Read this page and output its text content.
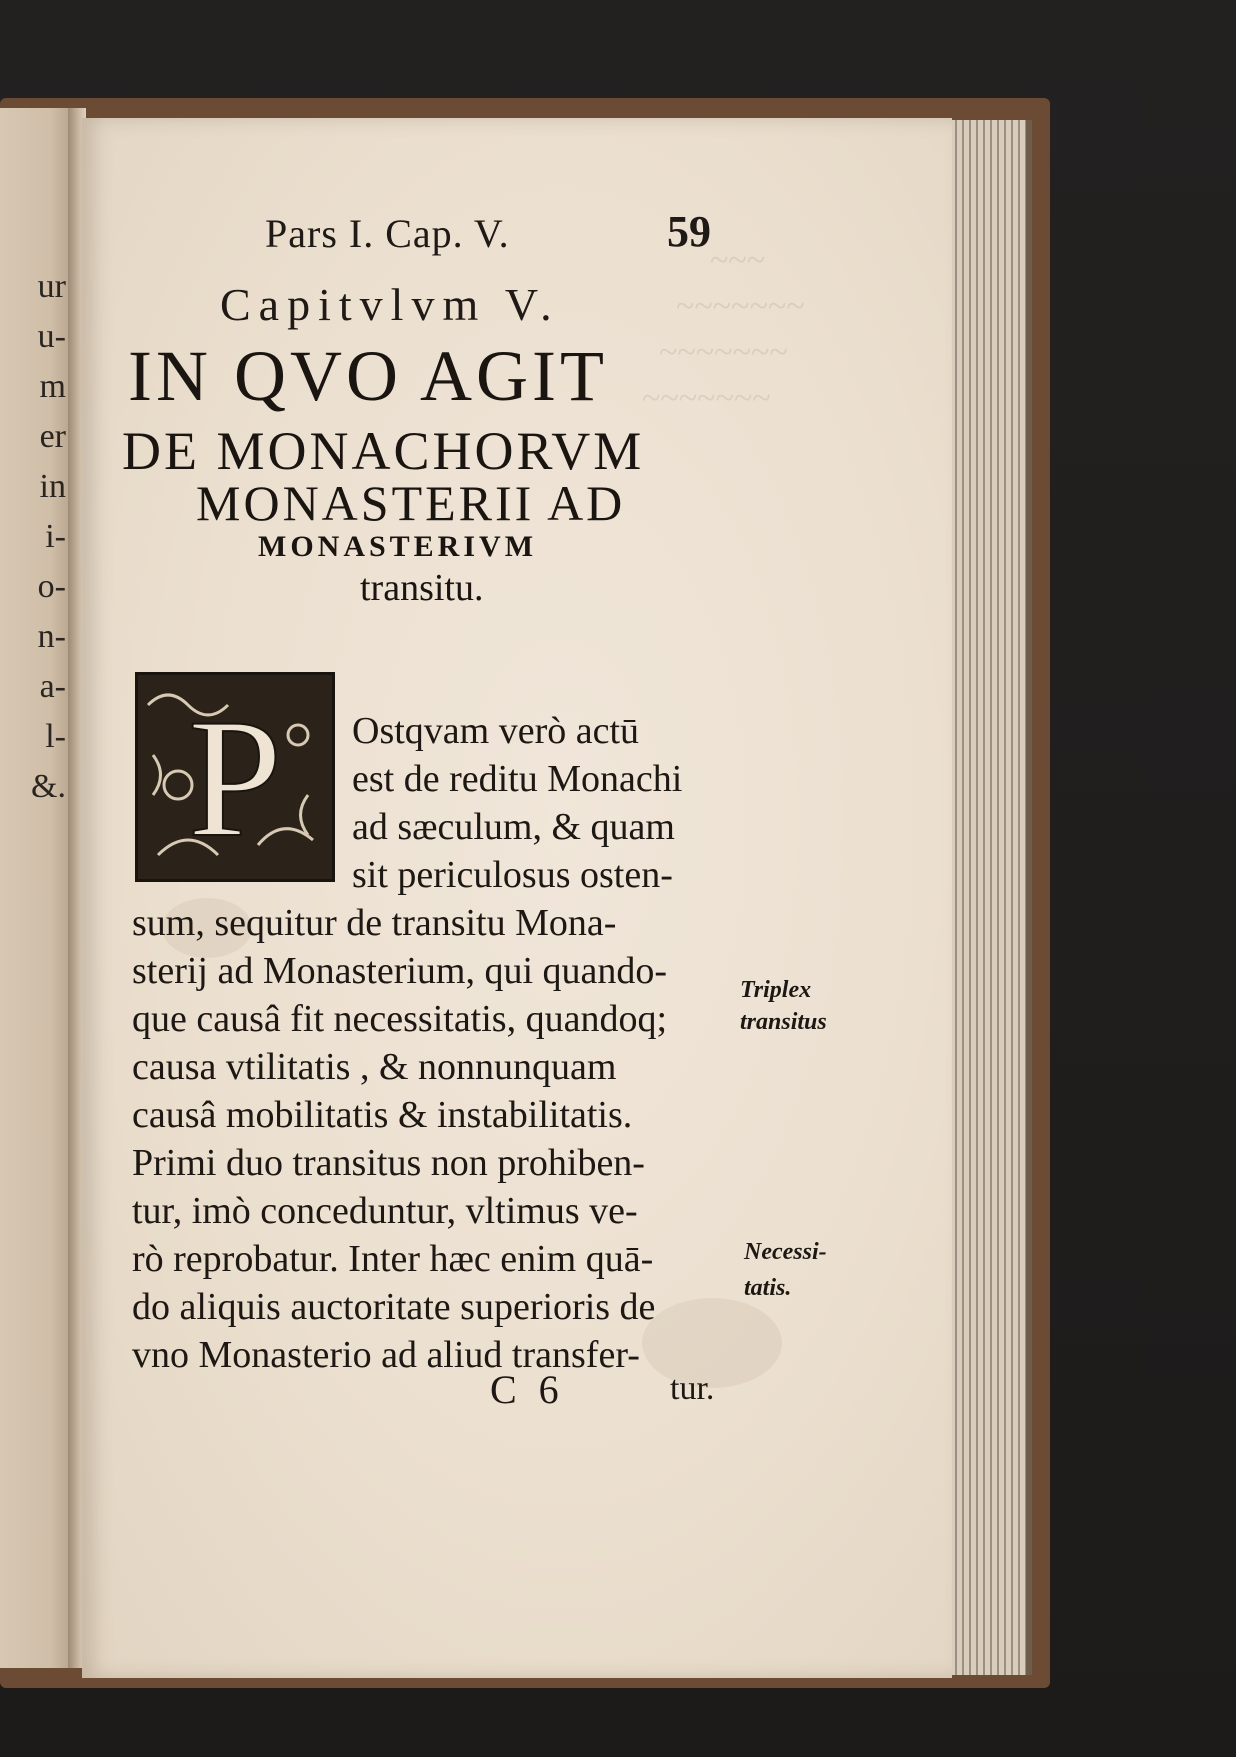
ur
u-
m
er
in
i-
o-
n-
a-
l-
&.
~~~
~~~~~~~
~~~~~~~
~~~~~~~
Pars I. Cap. V.	59
Capitvlvm V.
IN QVO AGIT
DE MONACHORVM
MONASTERII AD
MONASTERIVM
transitu.
P Ostqvam verò actū
est de reditu Monachi
ad sæculum, & quam
sit periculosus osten-
sum, sequitur de transitu Mona-
sterij ad Monasterium, qui quando-
que causâ fit necessitatis, quandoq;
causa vtilitatis , & nonnunquam
causâ mobilitatis & instabilitatis.
Primi duo transitus non prohiben-
tur, imò conceduntur, vltimus ve-
rò reprobatur. Inter hæc enim quā-
do aliquis auctoritate superioris de
vno Monasterio ad aliud transfer-
C 6	tur.
Triplex
transitus
Necessi-
tatis.
